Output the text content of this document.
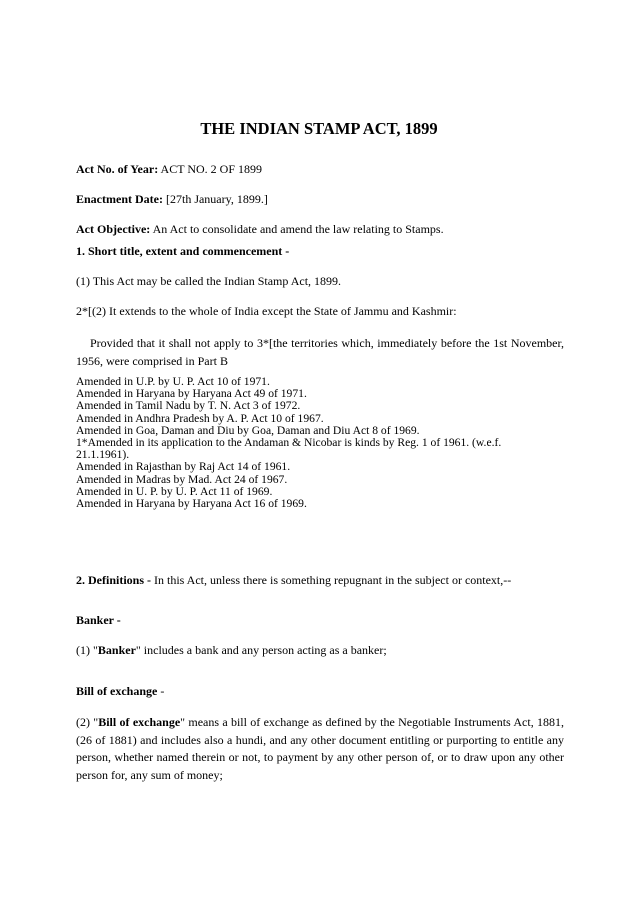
THE INDIAN STAMP ACT, 1899
Act No. of Year: ACT NO. 2 OF 1899
Enactment Date: [27th January, 1899.]
Act Objective: An Act to consolidate and amend the law relating to Stamps.
1. Short title, extent and commencement -
(1) This Act may be called the Indian Stamp Act, 1899.
2*[(2) It extends to the whole of India except the State of Jammu and Kashmir:
Provided that it shall not apply to 3*[the territories which, immediately before the 1st November, 1956, were comprised in Part B
Amended in U.P. by U. P. Act 10 of 1971.
Amended in Haryana by Haryana Act 49 of 1971.
Amended in Tamil Nadu by T. N. Act 3 of 1972.
Amended in Andhra Pradesh by A. P. Act 10 of 1967.
Amended in Goa, Daman and Diu by Goa, Daman and Diu Act 8 of 1969.
1*Amended in its application to the Andaman & Nicobar is kinds by Reg. 1 of 1961. (w.e.f.
21.1.1961).
Amended in Rajasthan by Raj Act 14 of 1961.
Amended in Madras by Mad. Act 24 of 1967.
Amended in U. P. by U. P. Act 11 of 1969.
Amended in Haryana by Haryana Act 16 of 1969.
2. Definitions - In this Act, unless there is something repugnant in the subject or context,--
Banker -
(1) "Banker" includes a bank and any person acting as a banker;
Bill of exchange -
(2) "Bill of exchange" means a bill of exchange as defined by the Negotiable Instruments Act, 1881, (26 of 1881) and includes also a hundi, and any other document entitling or purporting to entitle any person, whether named therein or not, to payment by any other person of, or to draw upon any other person for, any sum of money;
